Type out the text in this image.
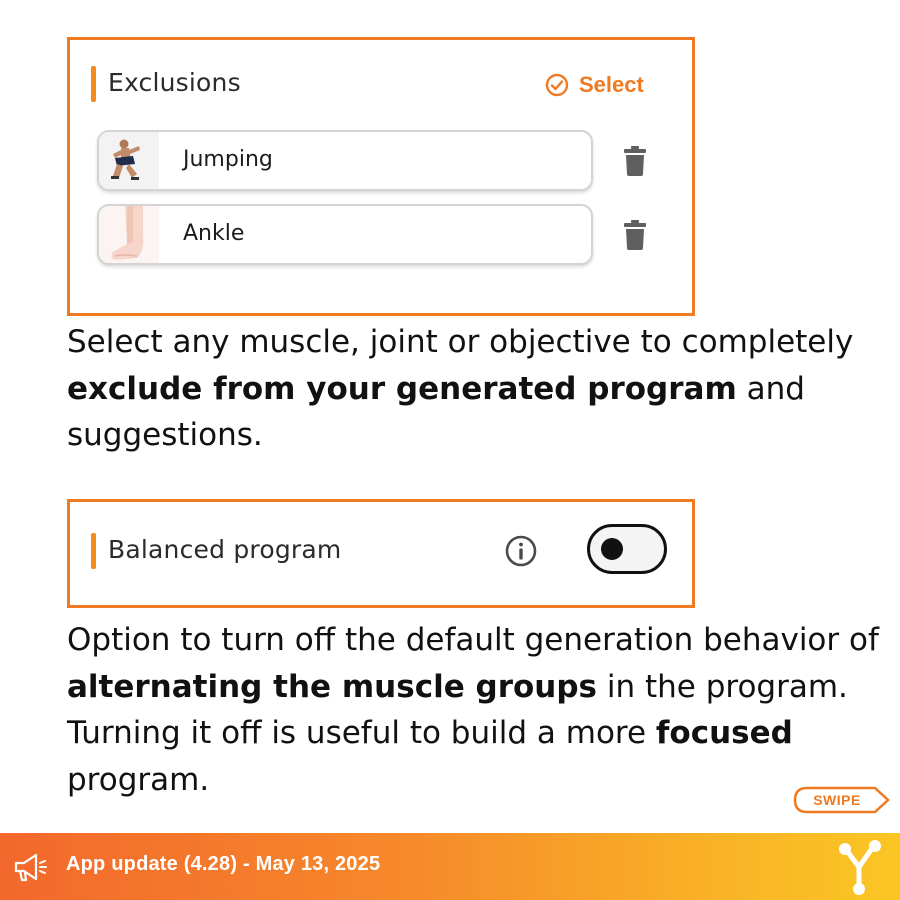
Exclusions	Select
Jumping
Ankle
Select any muscle, joint or objective to completely
exclude from your generated program and suggestions.
Balanced program
Option to turn off the default generation behavior of alternating the muscle groups in the program. Turning it off is useful to build a more focused program.
SWIPE
App update (4.28) - May 13, 2025
